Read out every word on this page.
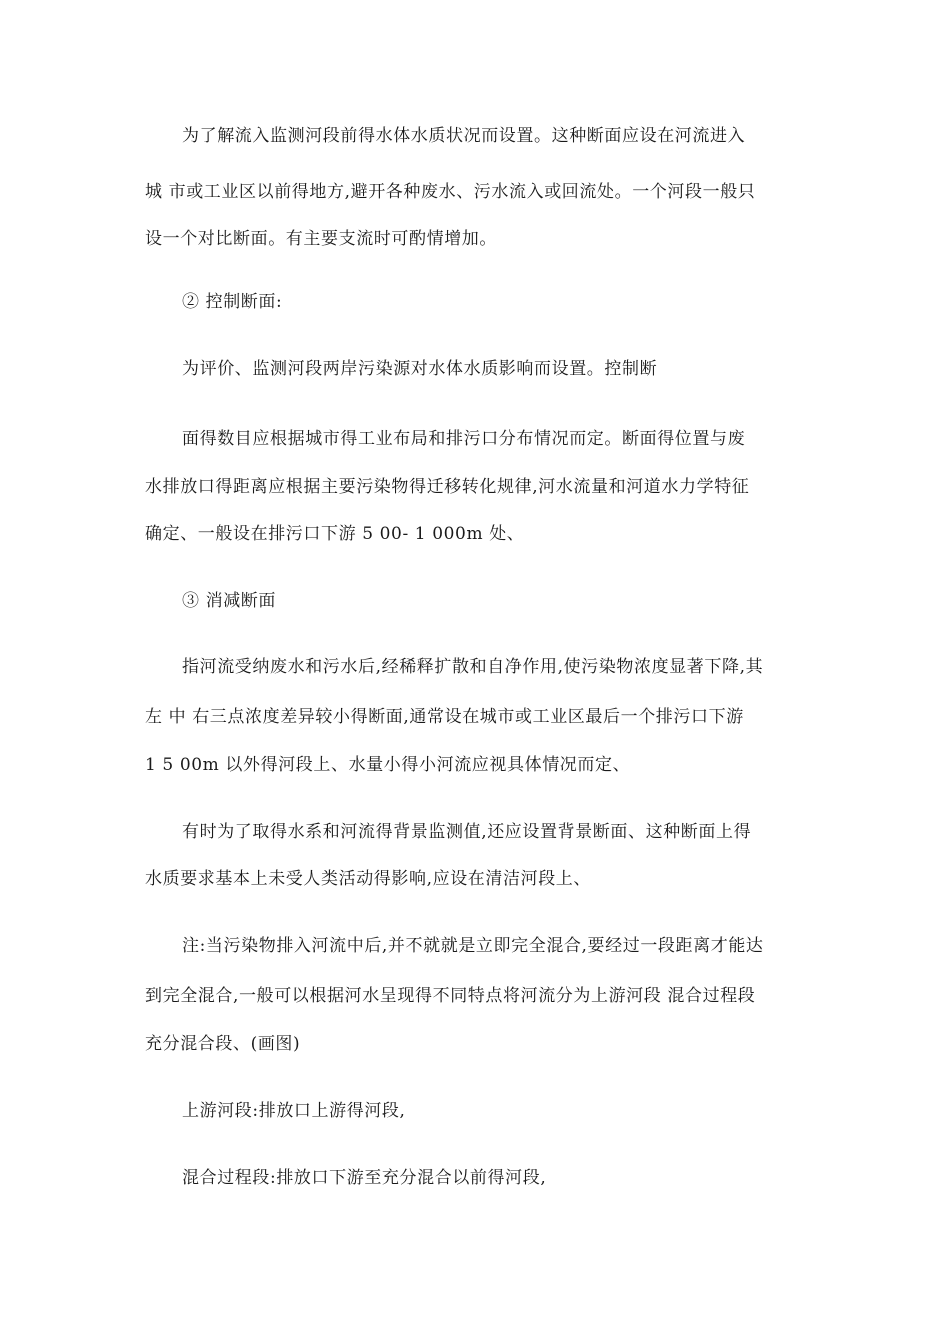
为了解流入监测河段前得水体水质状况而设置。这种断面应设在河流进入
城 市或工业区以前得地方,避开各种废水、污水流入或回流处。一个河段一般只
设一个对比断面。有主要支流时可酌情增加。
② 控制断面:
为评价、监测河段两岸污染源对水体水质影响而设置。控制断
面得数目应根据城市得工业布局和排污口分布情况而定。断面得位置与废
水排放口得距离应根据主要污染物得迁移转化规律,河水流量和河道水力学特征
确定、一般设在排污口下游 5 00- 1 000m 处、
③ 消减断面
指河流受纳废水和污水后,经稀释扩散和自净作用,使污染物浓度显著下降,其
左 中 右三点浓度差异较小得断面,通常设在城市或工业区最后一个排污口下游
1 5 00m 以外得河段上、水量小得小河流应视具体情况而定、
有时为了取得水系和河流得背景监测值,还应设置背景断面、这种断面上得
水质要求基本上未受人类活动得影响,应设在清洁河段上、
注:当污染物排入河流中后,并不就就是立即完全混合,要经过一段距离才能达
到完全混合,一般可以根据河水呈现得不同特点将河流分为上游河段 混合过程段
充分混合段、(画图)
上游河段:排放口上游得河段,
混合过程段:排放口下游至充分混合以前得河段,
